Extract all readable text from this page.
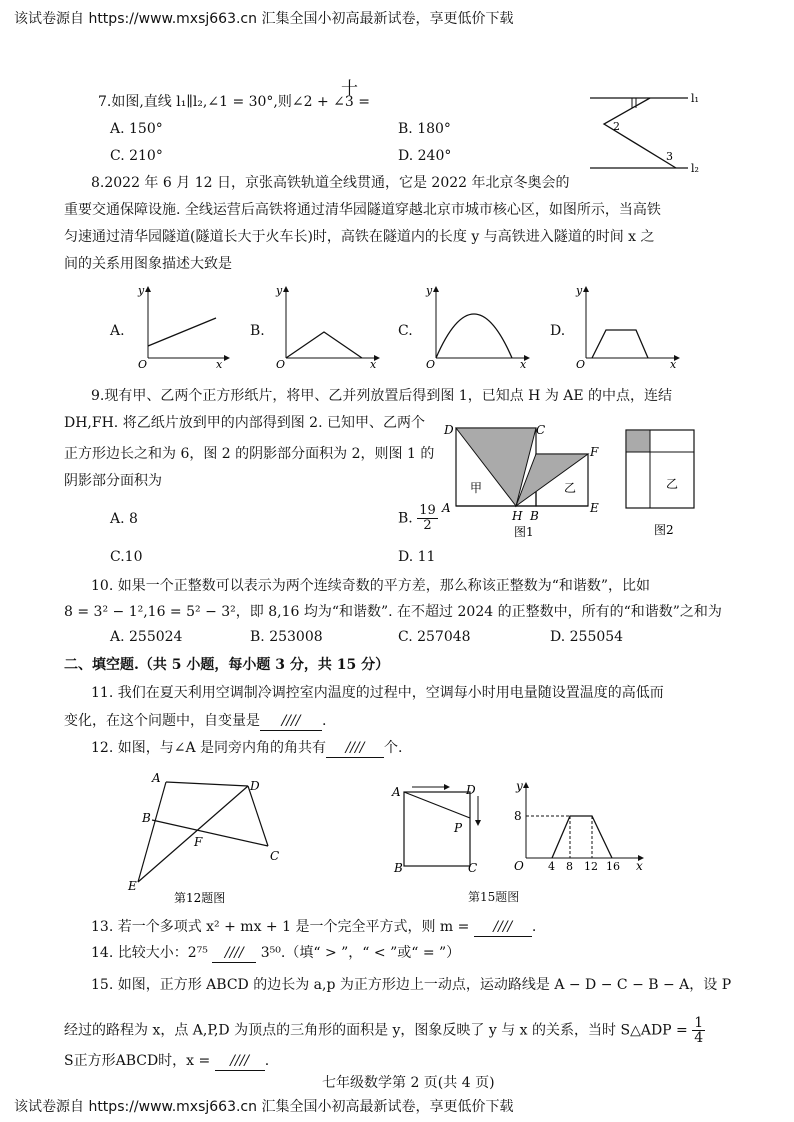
该试卷源自 https://www.mxsj663.cn 汇集全国小初高最新试卷，享更低价下载
该试卷源自 https://www.mxsj663.cn 汇集全国小初高最新试卷，享更低价下载
七年级数学第 2 页(共 4 页)
十
7.如图,直线 l₁∥l₂,∠1 = 30°,则∠2 + ∠3 =
A. 150°	B. 180°
C. 210°	D. 240°
l₁
l₂
2
3
8.2022 年 6 月 12 日，京张高铁轨道全线贯通，它是 2022 年北京冬奥会的
重要交通保障设施. 全线运营后高铁将通过清华园隧道穿越北京市城市核心区，如图所示，当高铁
匀速通过清华园隧道(隧道长大于火车长)时，高铁在隧道内的长度 y 与高铁进入隧道的时间 x 之
间的关系用图象描述大致是
A.	B.	C.	D.
y
x
O
y
x
O
y
x
O
y
x
O
9.现有甲、乙两个正方形纸片，将甲、乙并列放置后得到图 1，已知点 H 为 AE 的中点，连结
DH,FH. 将乙纸片放到甲的内部得到图 2. 已知甲、乙两个
正方形边长之和为 6，图 2 的阴影部分面积为 2，则图 1 的
阴影部分面积为
A. 8	B. $\frac{19}{2}$
C.10	D. 11
D	C
F
A
H B
E
甲	乙
图1
乙
图2
10. 如果一个正整数可以表示为两个连续奇数的平方差，那么称该正整数为“和谐数”，比如
8 = 3² − 1²,16 = 5² − 3²，即 8,16 均为“和谐数”. 在不超过 2024 的正整数中，所有的“和谐数”之和为
A. 255024	B. 253008	C. 257048	D. 255054
二、填空题.（共 5 小题，每小题 3 分，共 15 分）
11. 我们在夏天利用空调制冷调控室内温度的过程中，空调每小时用电量随设置温度的高低而
变化，在这个问题中，自变量是 //// .
12. 如图，与∠A 是同旁内角的角共有 //// 个.
A
D
B
F
C
E
第12题图
A	D
P
B	C
第15题图
y
x
O
8
4 8 12 16
13. 若一个多项式 x² + mx + 1 是一个完全平方式，则 m = //// .
14. 比较大小：2⁷⁵ //// 3⁵⁰.（填“ > ”，“ < ”或“ = ”）
15. 如图，正方形 ABCD 的边长为 a,p 为正方形边上一动点，运动路线是 A − D − C − B − A，设 P
经过的路程为 x，点 A,P,D 为顶点的三角形的面积是 y，图象反映了 y 与 x 的关系，当时 S△ADP = $\frac{1}{4}$
S正方形ABCD时，x = //// .
